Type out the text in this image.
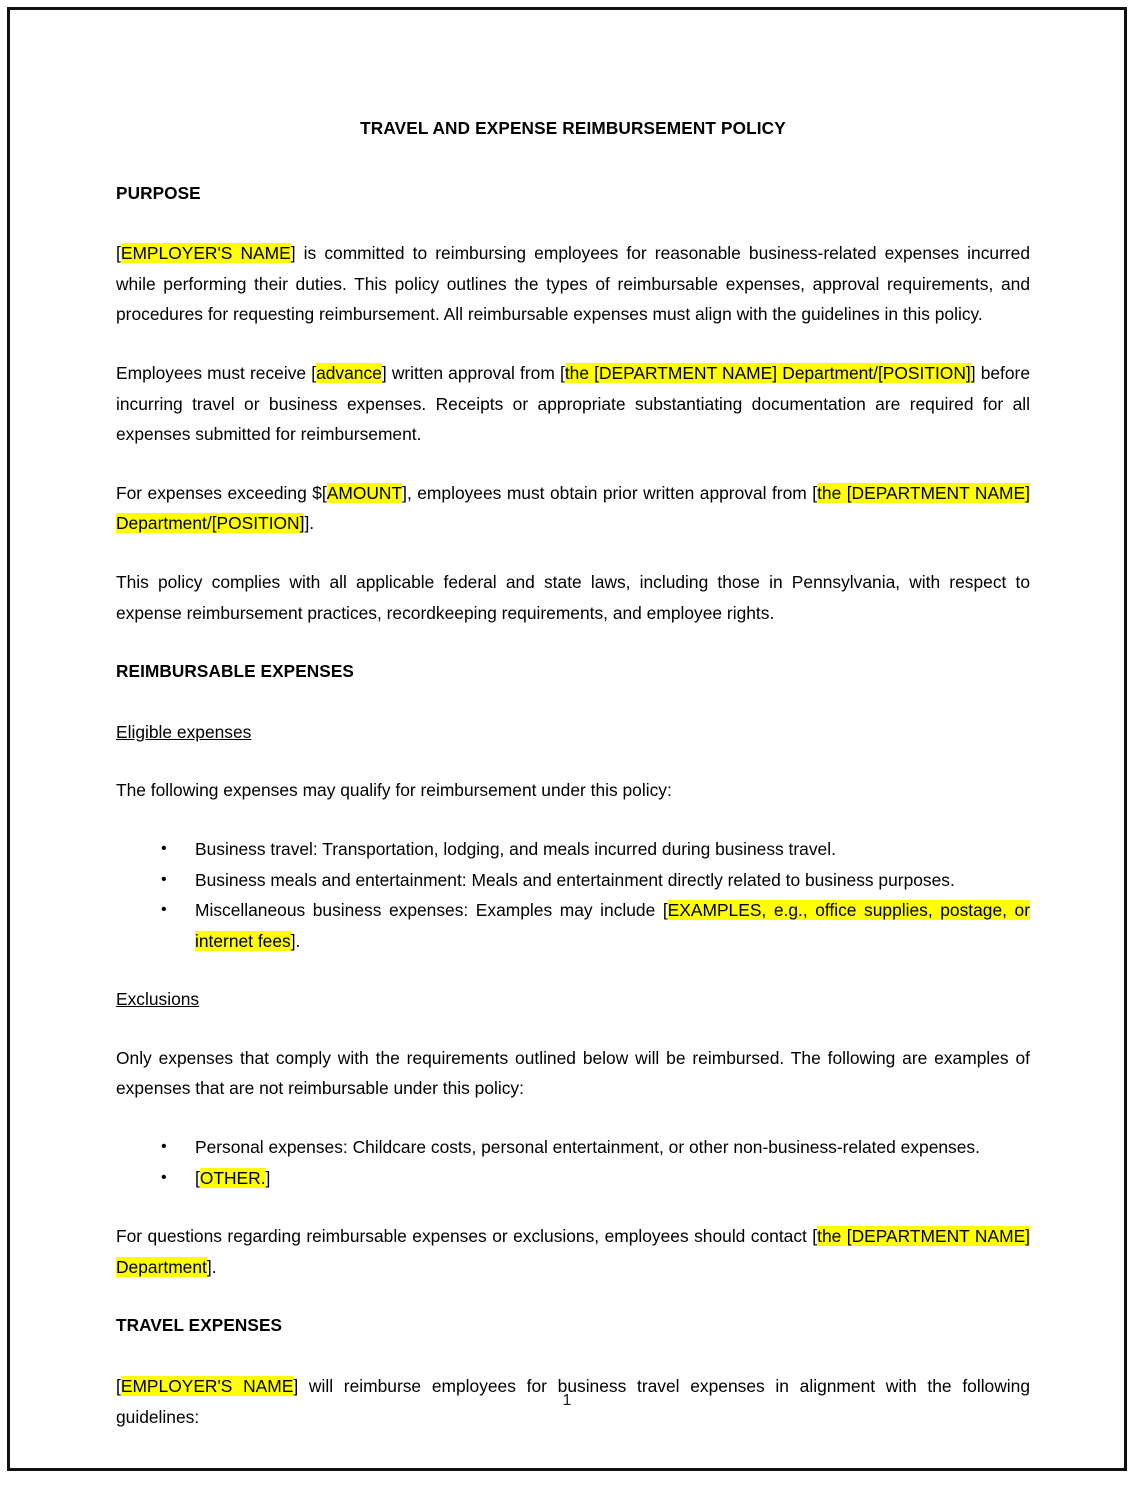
TRAVEL AND EXPENSE REIMBURSEMENT POLICY
PURPOSE

[EMPLOYER'S NAME] is committed to reimbursing employees for reasonable business-related expenses incurred while performing their duties. This policy outlines the types of reimbursable expenses, approval requirements, and procedures for requesting reimbursement. All reimbursable expenses must align with the guidelines in this policy.

Employees must receive [advance] written approval from [the [DEPARTMENT NAME] Department/[POSITION]] before incurring travel or business expenses. Receipts or appropriate substantiating documentation are required for all expenses submitted for reimbursement.

For expenses exceeding $[AMOUNT], employees must obtain prior written approval from [the [DEPARTMENT NAME] Department/[POSITION]].

This policy complies with all applicable federal and state laws, including those in Pennsylvania, with respect to expense reimbursement practices, recordkeeping requirements, and employee rights.

REIMBURSABLE EXPENSES
Eligible expenses

The following expenses may qualify for reimbursement under this policy:

• Business travel: Transportation, lodging, and meals incurred during business travel.
• Business meals and entertainment: Meals and entertainment directly related to business purposes.
• Miscellaneous business expenses: Examples may include [EXAMPLES, e.g., office supplies, postage, or internet fees].
Exclusions

Only expenses that comply with the requirements outlined below will be reimbursed. The following are examples of expenses that are not reimbursable under this policy:

• Personal expenses: Childcare costs, personal entertainment, or other non-business-related expenses.
• [OTHER.]

For questions regarding reimbursable expenses or exclusions, employees should contact [the [DEPARTMENT NAME] Department].

TRAVEL EXPENSES

[EMPLOYER'S NAME] will reimburse employees for business travel expenses in alignment with the following guidelines:

1
